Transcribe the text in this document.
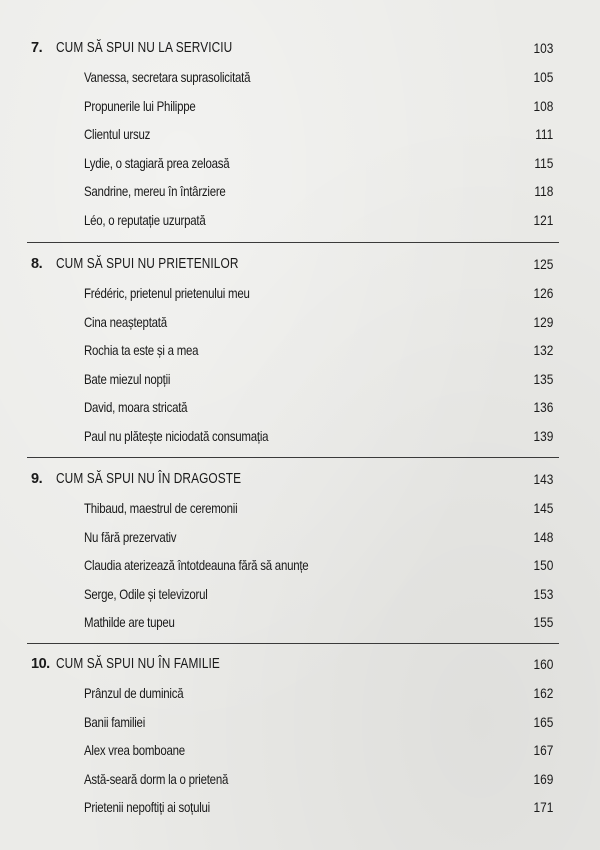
7. CUM SĂ SPUI NU LA SERVICIU	103
Vanessa, secretara suprasolicitată	105
Propunerile lui Philippe	108
Clientul ursuz	111
Lydie, o stagiară prea zeloasă	115
Sandrine, mereu în întârziere	118
Léo, o reputație uzurpată	121
8. CUM SĂ SPUI NU PRIETENILOR	125
Frédéric, prietenul prietenului meu	126
Cina neașteptată	129
Rochia ta este și a mea	132
Bate miezul nopții	135
David, moara stricată	136
Paul nu plătește niciodată consumația	139
9. CUM SĂ SPUI NU ÎN DRAGOSTE	143
Thibaud, maestrul de ceremonii	145
Nu fără prezervativ	148
Claudia aterizează întotdeauna fără să anunțe	150
Serge, Odile și televizorul	153
Mathilde are tupeu	155
10. CUM SĂ SPUI NU ÎN FAMILIE	160
Prânzul de duminică	162
Banii familiei	165
Alex vrea bomboane	167
Astă-seară dorm la o prietenă	169
Prietenii nepoftiți ai soțului	171
